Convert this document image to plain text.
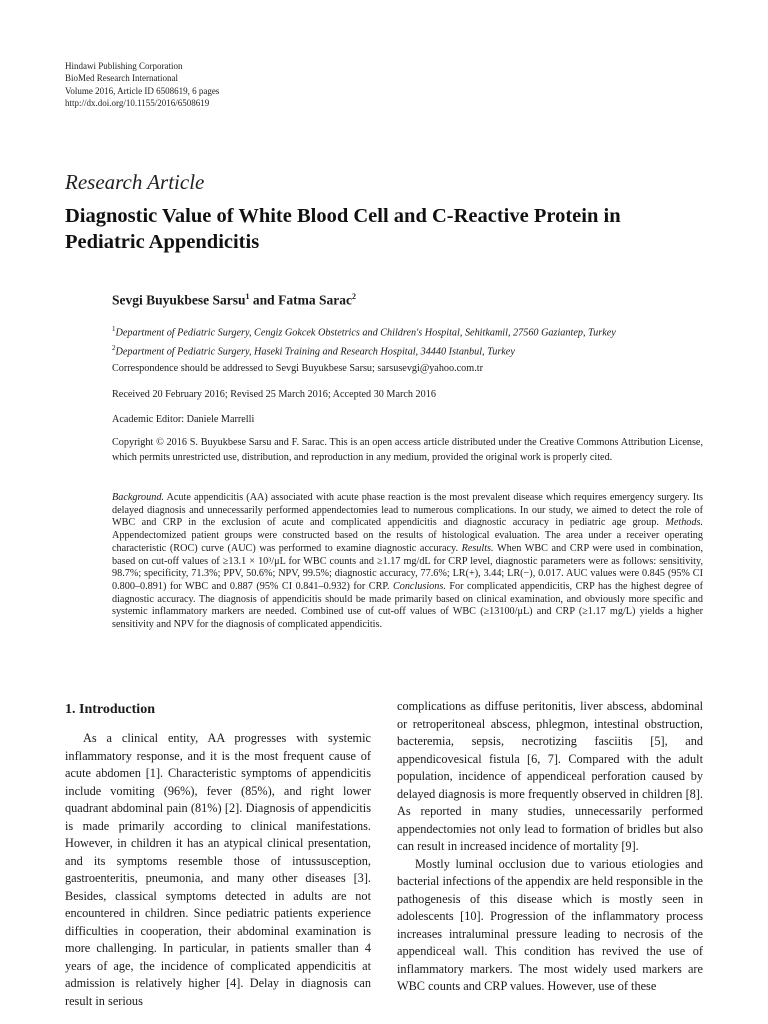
Hindawi Publishing Corporation
BioMed Research International
Volume 2016, Article ID 6508619, 6 pages
http://dx.doi.org/10.1155/2016/6508619
Research Article
Diagnostic Value of White Blood Cell and C-Reactive Protein in Pediatric Appendicitis
Sevgi Buyukbese Sarsu$^1$ and Fatma Sarac$^2$
$^1$Department of Pediatric Surgery, Cengiz Gokcek Obstetrics and Children's Hospital, Sehitkamil, 27560 Gaziantep, Turkey
$^2$Department of Pediatric Surgery, Haseki Training and Research Hospital, 34440 Istanbul, Turkey
Correspondence should be addressed to Sevgi Buyukbese Sarsu; sarsusevgi@yahoo.com.tr
Received 20 February 2016; Revised 25 March 2016; Accepted 30 March 2016
Academic Editor: Daniele Marrelli
Copyright © 2016 S. Buyukbese Sarsu and F. Sarac. This is an open access article distributed under the Creative Commons Attribution License, which permits unrestricted use, distribution, and reproduction in any medium, provided the original work is properly cited.
Background. Acute appendicitis (AA) associated with acute phase reaction is the most prevalent disease which requires emergency surgery. Its delayed diagnosis and unnecessarily performed appendectomies lead to numerous complications. In our study, we aimed to detect the role of WBC and CRP in the exclusion of acute and complicated appendicitis and diagnostic accuracy in pediatric age group. Methods. Appendectomized patient groups were constructed based on the results of histological evaluation. The area under a receiver operating characteristic (ROC) curve (AUC) was performed to examine diagnostic accuracy. Results. When WBC and CRP were used in combination, based on cut-off values of ≥13.1 × 10³/μL for WBC counts and ≥1.17 mg/dL for CRP level, diagnostic parameters were as follows: sensitivity, 98.7%; specificity, 71.3%; PPV, 50.6%; NPV, 99.5%; diagnostic accuracy, 77.6%; LR(+), 3.44; LR(−), 0.017. AUC values were 0.845 (95% CI 0.800–0.891) for WBC and 0.887 (95% CI 0.841–0.932) for CRP. Conclusions. For complicated appendicitis, CRP has the highest degree of diagnostic accuracy. The diagnosis of appendicitis should be made primarily based on clinical examination, and obviously more specific and systemic inflammatory markers are needed. Combined use of cut-off values of WBC (≥13100/μL) and CRP (≥1.17 mg/L) yields a higher sensitivity and NPV for the diagnosis of complicated appendicitis.
1. Introduction

As a clinical entity, AA progresses with systemic inflammatory response, and it is the most frequent cause of acute abdomen [1]. Characteristic symptoms of appendicitis include vomiting (96%), fever (85%), and right lower quadrant abdominal pain (81%) [2]. Diagnosis of appendicitis is made primarily according to clinical manifestations. However, in children it has an atypical clinical presentation, and its symptoms resemble those of intussusception, gastroenteritis, pneumonia, and many other diseases [3]. Besides, classical symptoms detected in adults are not encountered in children. Since pediatric patients experience difficulties in cooperation, their abdominal examination is more challenging. In particular, in patients smaller than 4 years of age, the incidence of complicated appendicitis at admission is relatively higher [4]. Delay in diagnosis can result in serious

complications as diffuse peritonitis, liver abscess, abdominal or retroperitoneal abscess, phlegmon, intestinal obstruction, bacteremia, sepsis, necrotizing fasciitis [5], and appendicovesical fistula [6, 7]. Compared with the adult population, incidence of appendiceal perforation caused by delayed diagnosis is more frequently observed in children [8]. As reported in many studies, unnecessarily performed appendectomies not only lead to formation of bridles but also can result in increased incidence of mortality [9].

Mostly luminal occlusion due to various etiologies and bacterial infections of the appendix are held responsible in the pathogenesis of this disease which is mostly seen in adolescents [10]. Progression of the inflammatory process increases intraluminal pressure leading to necrosis of the appendiceal wall. This condition has revived the use of inflammatory markers. The most widely used markers are WBC counts and CRP values. However, use of these
